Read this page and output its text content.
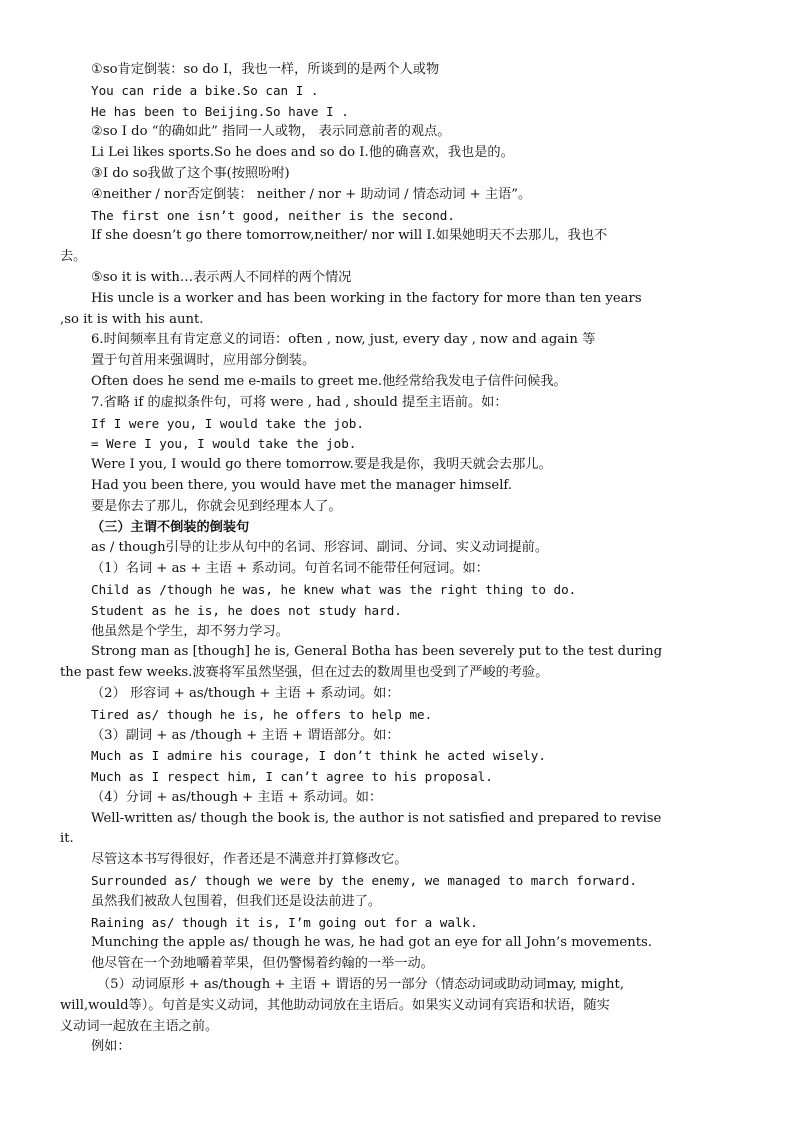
①so肯定倒装：so do I，我也一样，所谈到的是两个人或物
You can ride a bike.So can I .
He has been to Beijing.So have I .
②so I do “的确如此” 指同一人或物， 表示同意前者的观点。
Li Lei likes sports.So he does and so do I.他的确喜欢，我也是的。
③I do so我做了这个事(按照吩咐)
④neither / nor否定倒装： neither / nor + 助动词 / 情态动词 + 主语”。
The first one isn’t good, neither is the second.
If she doesn’t go there tomorrow,neither/ nor will I.如果她明天不去那儿，我也不
去。
⑤so it is with…表示两人不同样的两个情况
His uncle is a worker and has been working in the factory for more than ten years
,so it is with his aunt.
6.时间频率且有肯定意义的词语：often , now, just, every day , now and again 等
置于句首用来强调时，应用部分倒装。
Often does he send me e-mails to greet me.他经常给我发电子信件问候我。
7.省略 if 的虚拟条件句，可将 were , had , should 提至主语前。如：
If I were you, I would take the job.
= Were I you, I would take the job.
Were I you, I would go there tomorrow.要是我是你，我明天就会去那儿。
Had you been there, you would have met the manager himself.
要是你去了那儿，你就会见到经理本人了。
（三）主谓不倒装的倒装句
as / though引导的让步从句中的名词、形容词、副词、分词、实义动词提前。
（1）名词 + as + 主语 + 系动词。句首名词不能带任何冠词。如：
Child as /though he was, he knew what was the right thing to do.
Student as he is, he does not study hard.
他虽然是个学生，却不努力学习。
Strong man as [though] he is, General Botha has been severely put to the test during
the past few weeks.波赛将军虽然坚强，但在过去的数周里也受到了严峻的考验。
（2） 形容词 + as/though + 主语 + 系动词。如：
Tired as/ though he is, he offers to help me.
（3）副词 + as /though + 主语 + 谓语部分。如：
Much as I admire his courage, I don’t think he acted wisely.
Much as I respect him, I can’t agree to his proposal.
（4）分词 + as/though + 主语 + 系动词。如：
Well-written as/ though the book is, the author is not satisfied and prepared to revise
it.
尽管这本书写得很好，作者还是不满意并打算修改它。
Surrounded as/ though we were by the enemy, we managed to march forward.
虽然我们被敌人包围着，但我们还是设法前进了。
Raining as/ though it is, I’m going out for a walk.
Munching the apple as/ though he was, he had got an eye for all John’s movements.
他尽管在一个劲地嚼着苹果，但仍警惕着约翰的一举一动。
（5）动词原形 + as/though + 主语 + 谓语的另一部分（情态动词或助动词may, might,
will,would等）。句首是实义动词，其他助动词放在主语后。如果实义动词有宾语和状语，随实
义动词一起放在主语之前。
例如：
